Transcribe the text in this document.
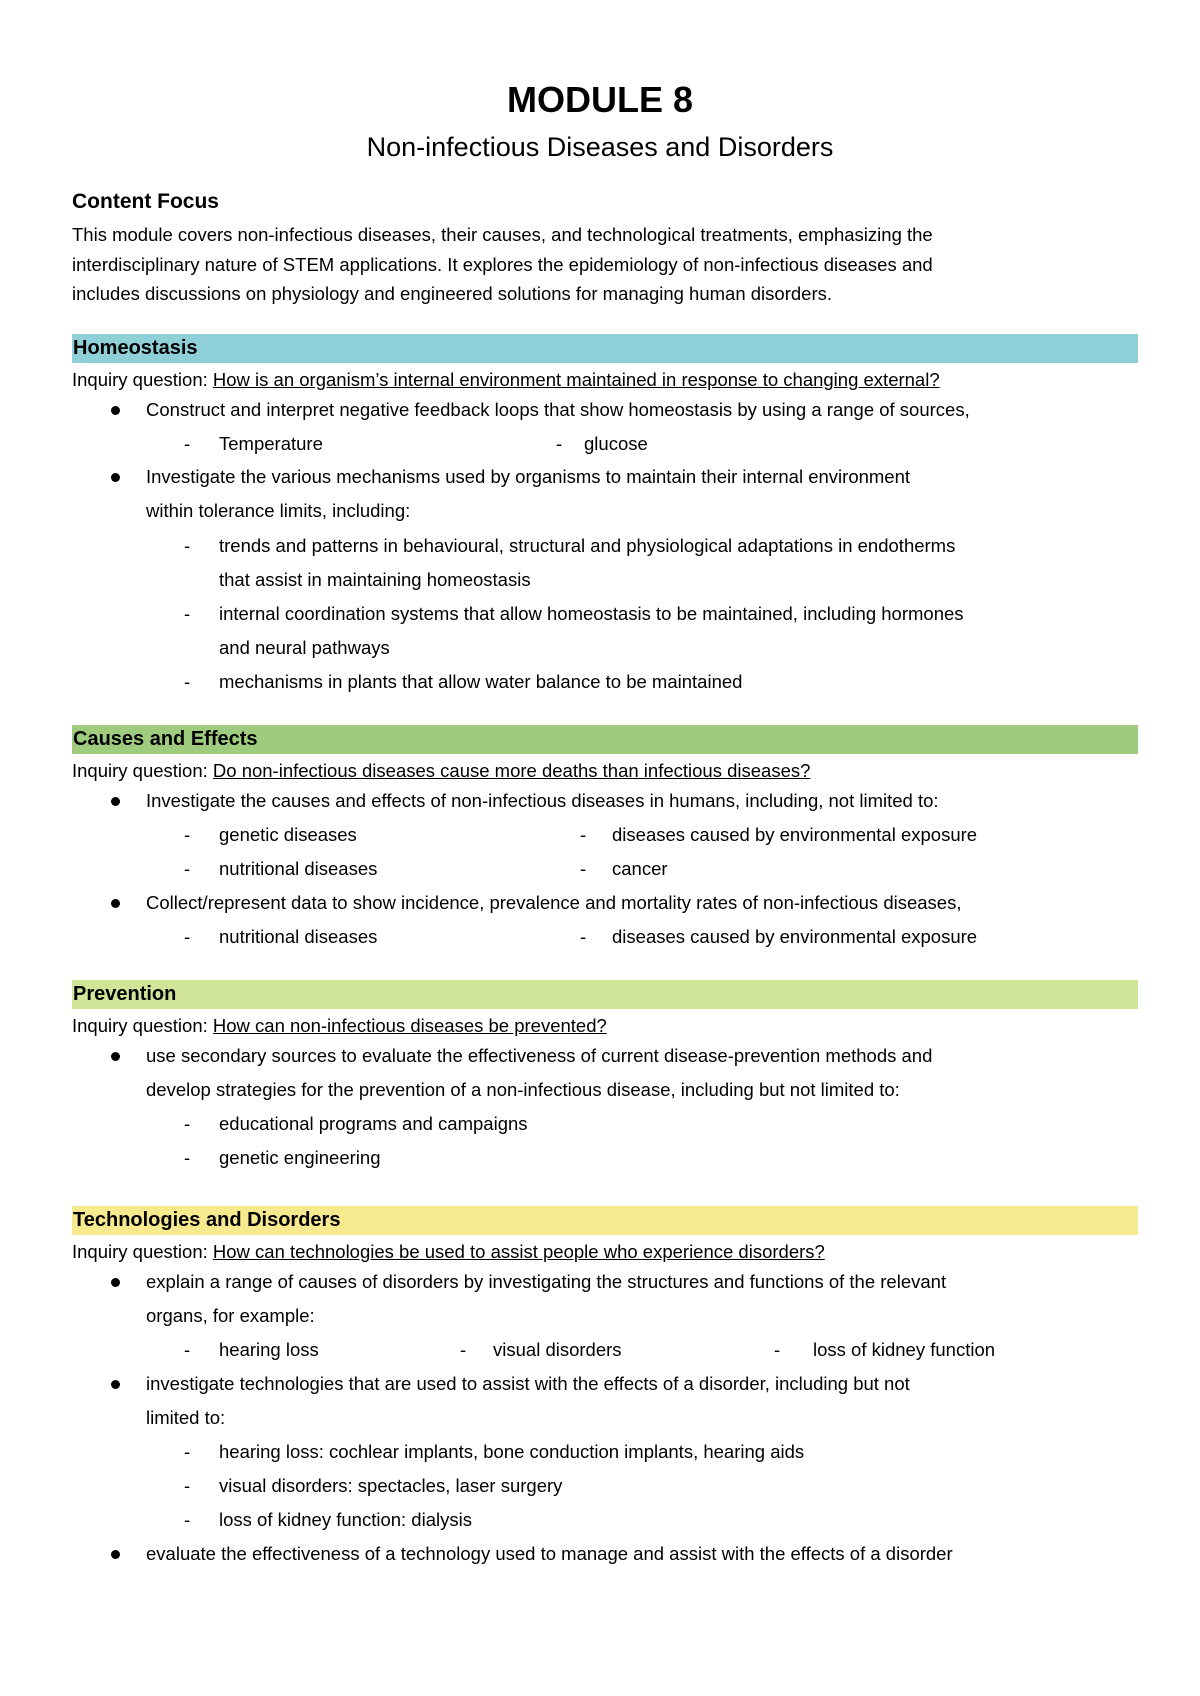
MODULE 8
Non-infectious Diseases and Disorders
Content Focus
This module covers non-infectious diseases, their causes, and technological treatments, emphasizing the
interdisciplinary nature of STEM applications. It explores the epidemiology of non-infectious diseases and
includes discussions on physiology and engineered solutions for managing human disorders.
Homeostasis
Inquiry question: How is an organism’s internal environment maintained in response to changing external?
Construct and interpret negative feedback loops that show homeostasis by using a range of sources,
- Temperature	- glucose
Investigate the various mechanisms used by organisms to maintain their internal environment
within tolerance limits, including:
- trends and patterns in behavioural, structural and physiological adaptations in endotherms
that assist in maintaining homeostasis
- internal coordination systems that allow homeostasis to be maintained, including hormones
and neural pathways
- mechanisms in plants that allow water balance to be maintained
Causes and Effects
Inquiry question: Do non-infectious diseases cause more deaths than infectious diseases?
Investigate the causes and effects of non-infectious diseases in humans, including, not limited to:
- genetic diseases	- diseases caused by environmental exposure
- nutritional diseases	- cancer
Collect/represent data to show incidence, prevalence and mortality rates of non-infectious diseases,
- nutritional diseases	- diseases caused by environmental exposure
Prevention
Inquiry question: How can non-infectious diseases be prevented?
use secondary sources to evaluate the effectiveness of current disease-prevention methods and
develop strategies for the prevention of a non-infectious disease, including but not limited to:
- educational programs and campaigns
- genetic engineering
Technologies and Disorders
Inquiry question: How can technologies be used to assist people who experience disorders?
explain a range of causes of disorders by investigating the structures and functions of the relevant
organs, for example:
- hearing loss	- visual disorders	- loss of kidney function
investigate technologies that are used to assist with the effects of a disorder, including but not
limited to:
- hearing loss: cochlear implants, bone conduction implants, hearing aids
- visual disorders: spectacles, laser surgery
- loss of kidney function: dialysis
evaluate the effectiveness of a technology used to manage and assist with the effects of a disorder
